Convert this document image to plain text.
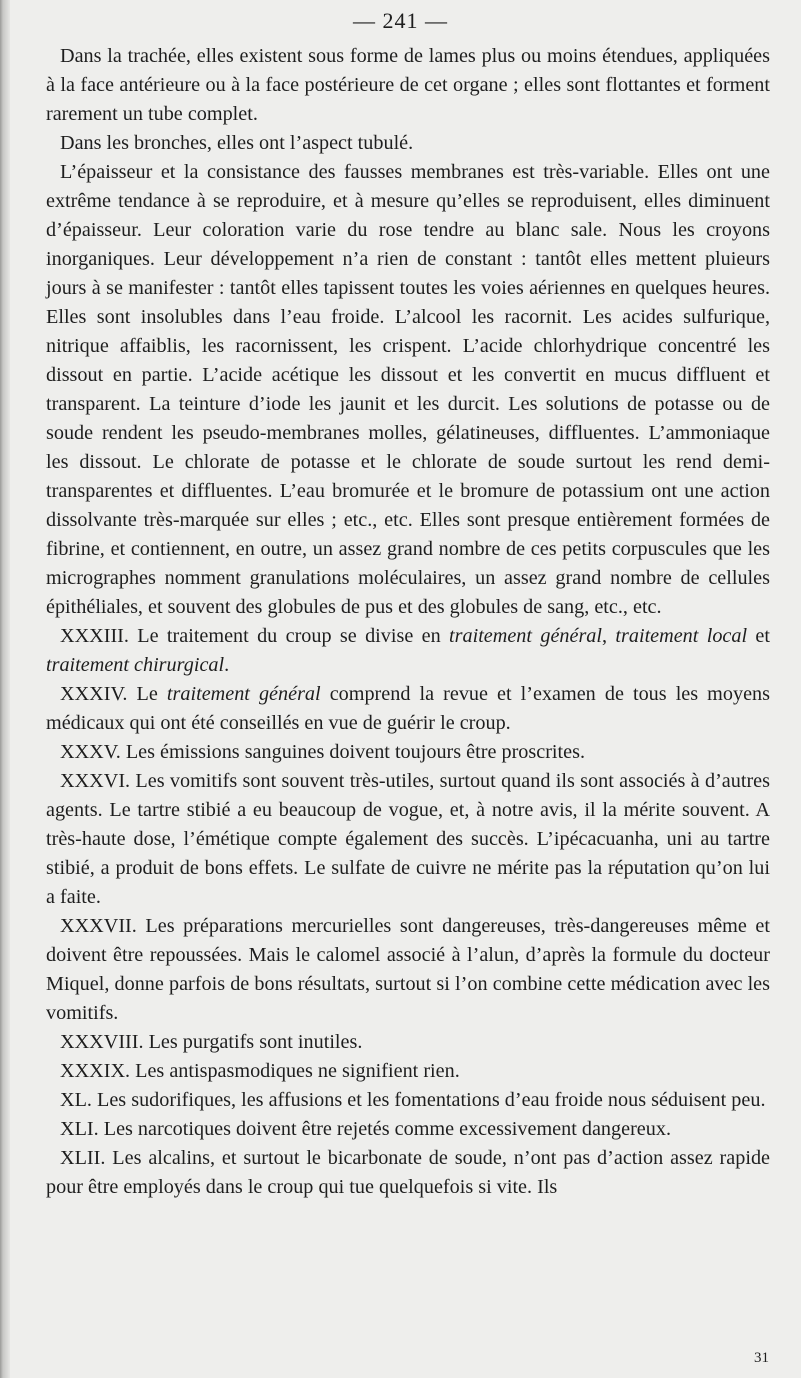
— 241 —

Dans la trachée, elles existent sous forme de lames plus ou moins étendues, appliquées à la face antérieure ou à la face postérieure de cet organe ; elles sont flottantes et forment rarement un tube complet.

Dans les bronches, elles ont l’aspect tubulé.

L’épaisseur et la consistance des fausses membranes est très-variable. Elles ont une extrême tendance à se reproduire, et à mesure qu’elles se reproduisent, elles diminuent d’épaisseur. Leur coloration varie du rose tendre au blanc sale. Nous les croyons inorganiques. Leur développement n’a rien de constant : tantôt elles mettent pluieurs jours à se manifester : tantôt elles tapissent toutes les voies aériennes en quelques heures. Elles sont insolubles dans l’eau froide. L’alcool les racornit. Les acides sulfurique, nitrique affaiblis, les racornissent, les crispent. L’acide chlorhydrique concentré les dissout en partie. L’acide acétique les dissout et les convertit en mucus diffluent et transparent. La teinture d’iode les jaunit et les durcit. Les solutions de potasse ou de soude rendent les pseudo-membranes molles, gélatineuses, diffluentes. L’ammoniaque les dissout. Le chlorate de potasse et le chlorate de soude surtout les rend demi-transparentes et diffluentes. L’eau bromurée et le bromure de potassium ont une action dissolvante très-marquée sur elles ; etc., etc. Elles sont presque entièrement formées de fibrine, et contiennent, en outre, un assez grand nombre de ces petits corpuscules que les micrographes nomment granulations moléculaires, un assez grand nombre de cellules épithéliales, et souvent des globules de pus et des globules de sang, etc., etc.

XXXIII. Le traitement du croup se divise en traitement général, traitement local et traitement chirurgical.

XXXIV. Le traitement général comprend la revue et l’examen de tous les moyens médicaux qui ont été conseillés en vue de guérir le croup.

XXXV. Les émissions sanguines doivent toujours être proscrites.

XXXVI. Les vomitifs sont souvent très-utiles, surtout quand ils sont associés à d’autres agents. Le tartre stibié a eu beaucoup de vogue, et, à notre avis, il la mérite souvent. A très-haute dose, l’émétique compte également des succès. L’ipécacuanha, uni au tartre stibié, a produit de bons effets. Le sulfate de cuivre ne mérite pas la réputation qu’on lui a faite.

XXXVII. Les préparations mercurielles sont dangereuses, très-dangereuses même et doivent être repoussées. Mais le calomel associé à l’alun, d’après la formule du docteur Miquel, donne parfois de bons résultats, surtout si l’on combine cette médication avec les vomitifs.

XXXVIII. Les purgatifs sont inutiles.

XXXIX. Les antispasmodiques ne signifient rien.

XL. Les sudorifiques, les affusions et les fomentations d’eau froide nous séduisent peu.

XLI. Les narcotiques doivent être rejetés comme excessivement dangereux.

XLII. Les alcalins, et surtout le bicarbonate de soude, n’ont pas d’action assez rapide pour être employés dans le croup qui tue quelquefois si vite. Ils

31
